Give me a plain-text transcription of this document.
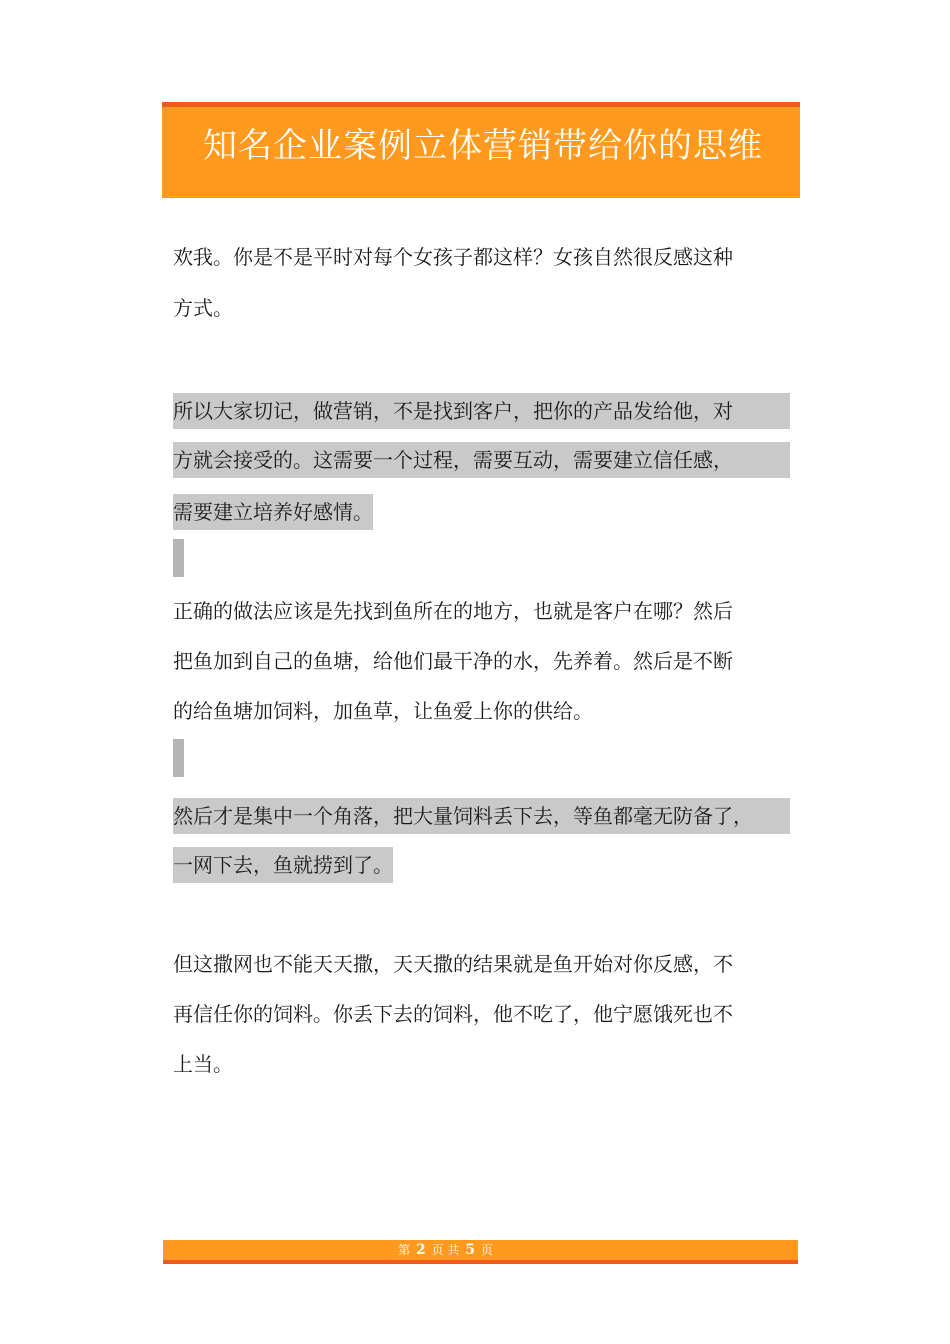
知名企业案例立体营销带给你的思维
欢我。你是不是平时对每个女孩子都这样？女孩自然很反感这种
方式。
所以大家切记，做营销，不是找到客户，把你的产品发给他，对
方就会接受的。这需要一个过程，需要互动，需要建立信任感，
需要建立培养好感情。
正确的做法应该是先找到鱼所在的地方，也就是客户在哪？然后
把鱼加到自己的鱼塘，给他们最干净的水，先养着。然后是不断
的给鱼塘加饲料，加鱼草，让鱼爱上你的供给。
然后才是集中一个角落，把大量饲料丢下去，等鱼都毫无防备了，
一网下去，鱼就捞到了。
但这撒网也不能天天撒，天天撒的结果就是鱼开始对你反感，不
再信任你的饲料。你丢下去的饲料，他不吃了，他宁愿饿死也不
上当。
第 2 页 共 5 页
